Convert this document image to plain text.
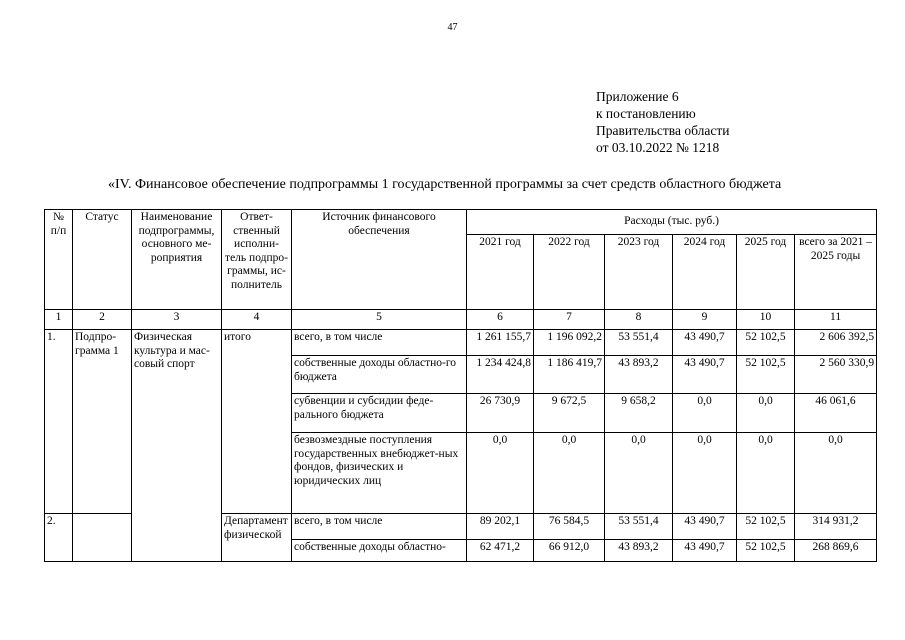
47
Приложение 6
к постановлению
Правительства области
от 03.10.2022 № 1218
«IV. Финансовое обеспечение подпрограммы 1 государственной программы за счет средств областного бюджета
№ п/п	Статус	Наименование подпрограммы, основного ме-роприятия	Ответ-ственный исполни-тель подпро-граммы, ис-полнитель	Источник финансового обеспечения	Расходы (тыс. руб.)					
					2021 год	2022 год	2023 год	2024 год	2025 год	всего за 2021 – 2025 годы
1	2	3	4	5	6	7	8	9	10	11
1.	Подпро-грамма 1	Физическая культура и мас-совый спорт	итого	всего, в том числе	1 261 155,7	1 196 092,2	53 551,4	43 490,7	52 102,5	2 606 392,5
				собственные доходы областно-го бюджета	1 234 424,8	1 186 419,7	43 893,2	43 490,7	52 102,5	2 560 330,9
				субвенции и субсидии феде-рального бюджета	26 730,9	9 672,5	9 658,2	0,0	0,0	46 061,6
				безвозмездные поступления государственных внебюджет-ных фондов, физических и юридических лиц	0,0	0,0	0,0	0,0	0,0	0,0
2.			Департамент физической	всего, в том числе	89 202,1	76 584,5	53 551,4	43 490,7	52 102,5	314 931,2
				собственные доходы областно-	62 471,2	66 912,0	43 893,2	43 490,7	52 102,5	268 869,6
